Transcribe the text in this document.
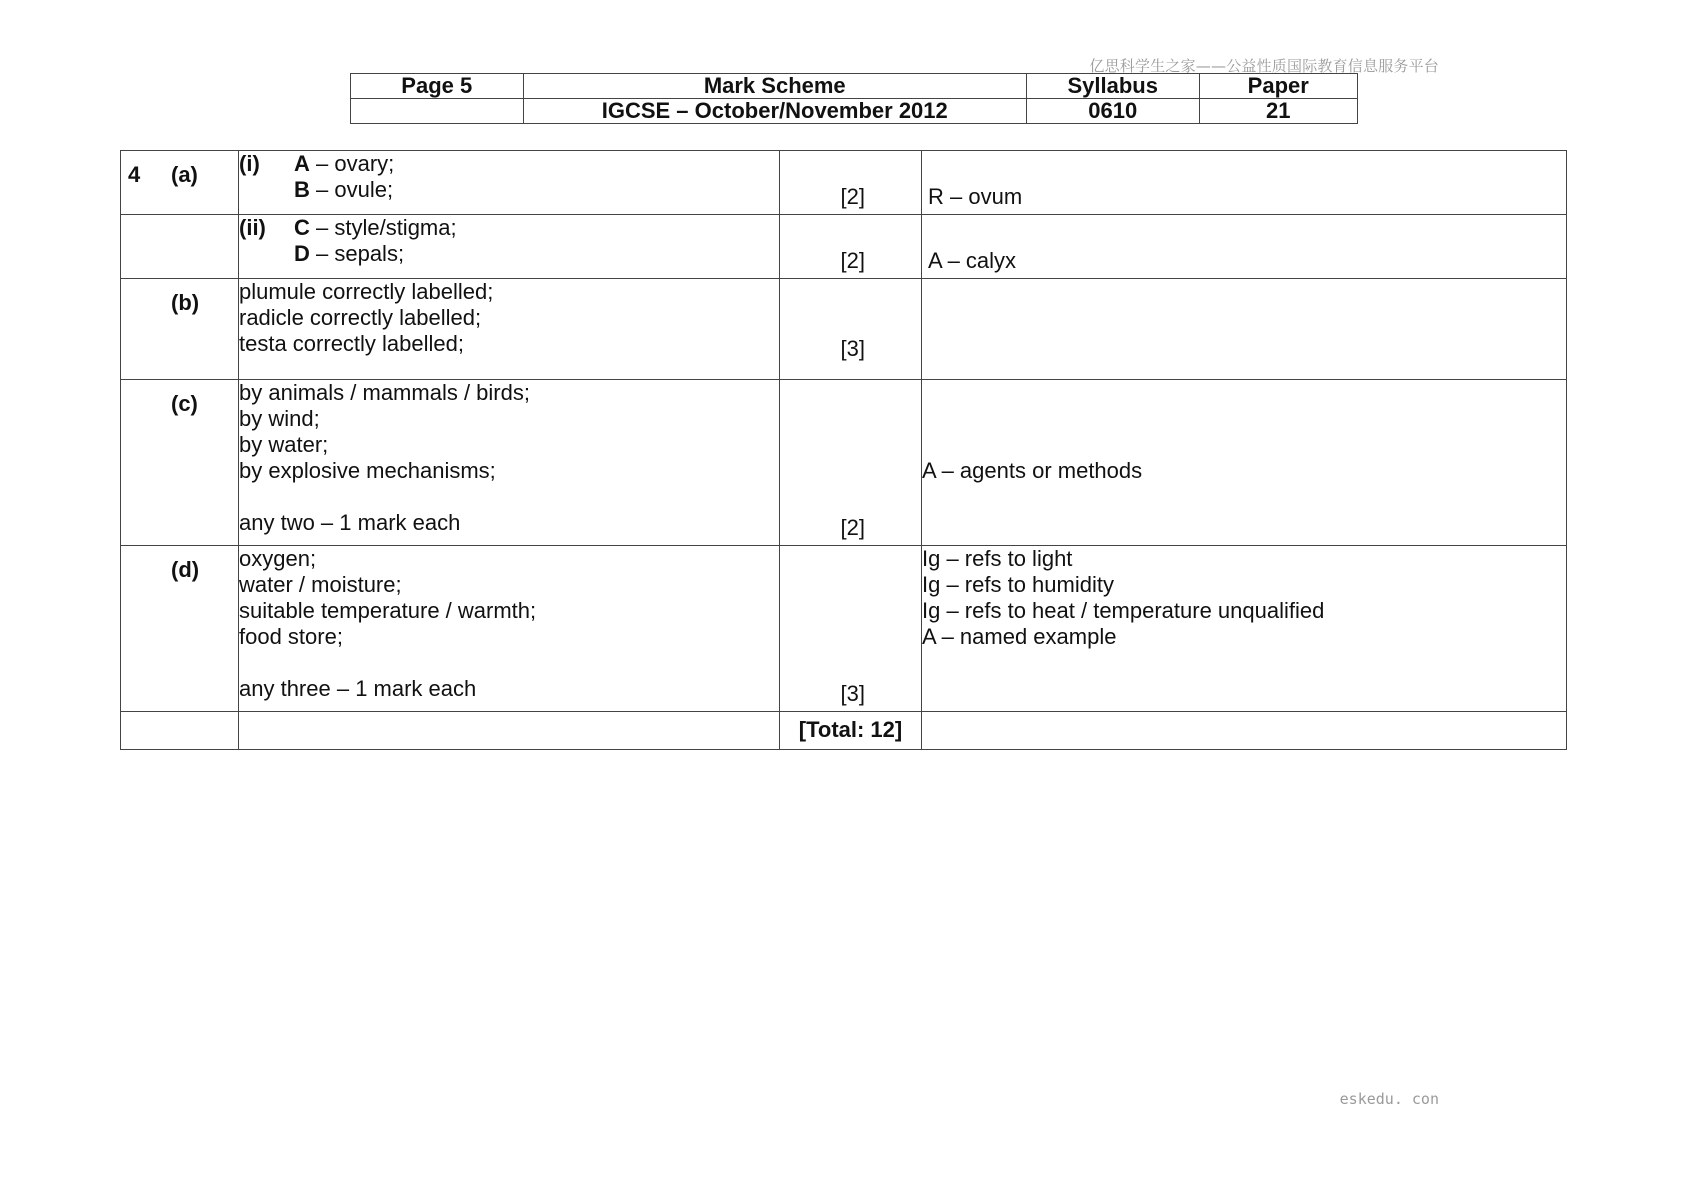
亿思科学生之家——公益性质国际教育信息服务平台
Page 5	Mark Scheme	Syllabus	Paper
	IGCSE – October/November 2012	0610	21
4 (a)	(i) A – ovary;
B – ovule;	[2]	R – ovum

	(ii) C – style/stigma;
D – sepals;	[2]	A – calyx

(b)	plumule correctly labelled;
radicle correctly labelled;
testa correctly labelled;	[3]	

(c)	by animals / mammals / birds;
by wind;
by water;
by explosive mechanisms;
any two – 1 mark each	[2]	A – agents or methods

(d)	oxygen;
water / moisture;
suitable temperature / warmth;
food store;
any three – 1 mark each	[3]	Ig – refs to light
Ig – refs to humidity
Ig – refs to heat / temperature unqualified
A – named example

		[Total: 12]	
eskedu. con
